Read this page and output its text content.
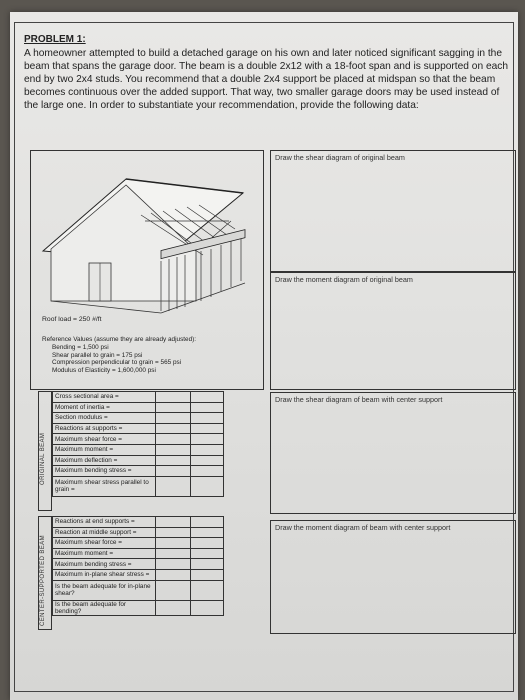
PROBLEM 1:
A homeowner attempted to build a detached garage on his own and later noticed significant sagging in the beam that spans the garage door. The beam is a double 2x12 with a 18-foot span and is supported on each end by two 2x4 studs. You recommend that a double 2x4 support be placed at midspan so that the beam becomes continuous over the added support. That way, two smaller garage doors may be used instead of the large one. In order to substantiate your recommendation, provide the following data:
Draw the shear diagram of original beam
Draw the moment diagram of original beam
Draw the shear diagram of beam with center support
Draw the moment diagram of beam with center support
Roof load = 250 #/ft
Reference Values (assume they are already adjusted):
Bending = 1,500 psi
Shear parallel to grain = 175 psi
Compression perpendicular to grain = 565 psi
Modulus of Elasticity = 1,600,000 psi
ORIGINAL BEAM
Cross sectional area =		
Moment of inertia =		
Section modulus =		
Reactions at supports =		
Maximum shear force =		
Maximum moment =		
Maximum deflection =		
Maximum bending stress =		
Maximum shear stress parallel to grain =		
CENTER-SUPPORTED BEAM
Reactions at end supports =		
Reaction at middle support =		
Maximum shear force =		
Maximum moment =		
Maximum bending stress =		
Maximum in-plane shear stress =		
Is the beam adequate for in-plane shear?		
Is the beam adequate for bending?		
